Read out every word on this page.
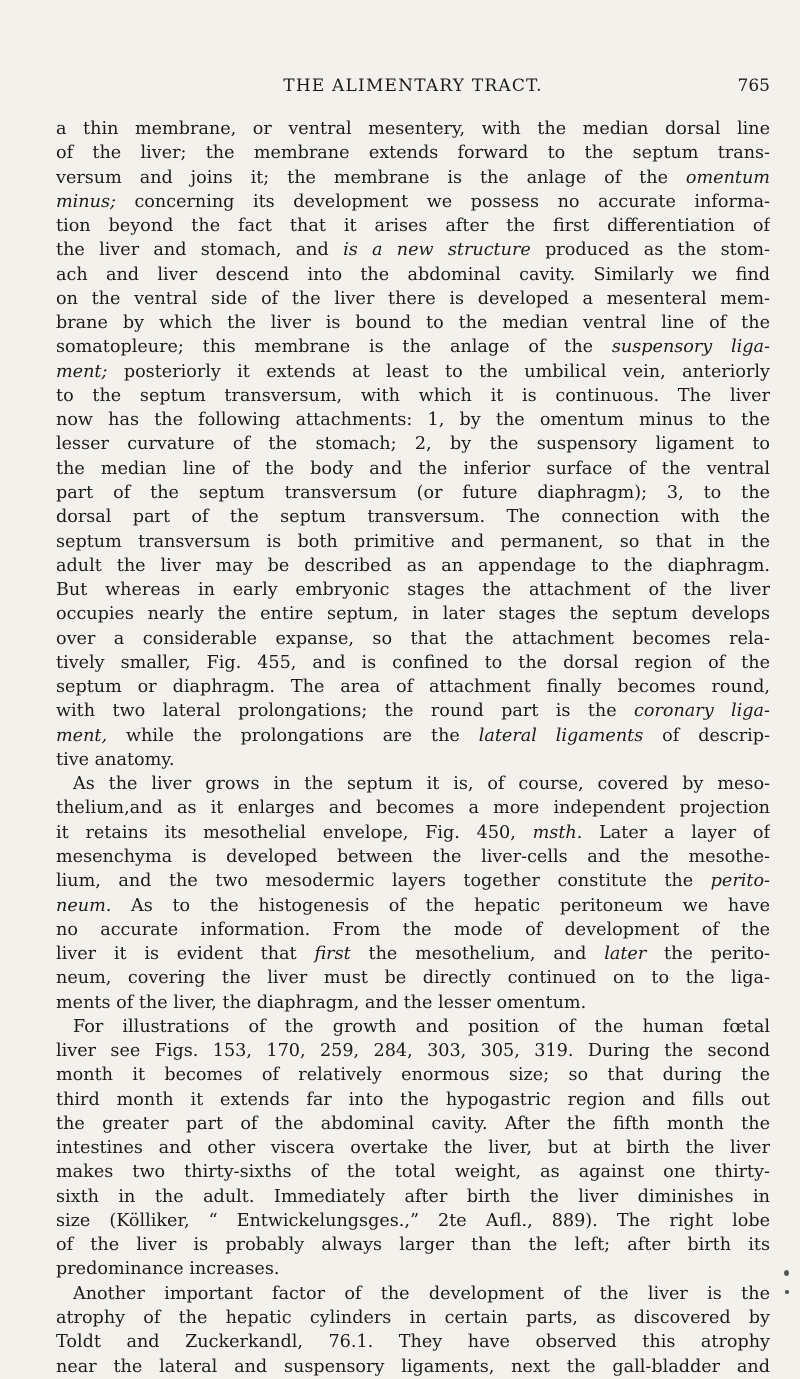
THE ALIMENTARY TRACT.	765
a thin membrane, or ventral mesentery, with the median dorsal line
of the liver; the membrane extends forward to the septum trans-
versum and joins it; the membrane is the anlage of the omentum
minus; concerning its development we possess no accurate informa-
tion beyond the fact that it arises after the first differentiation of
the liver and stomach, and is a new structure produced as the stom-
ach and liver descend into the abdominal cavity. Similarly we find
on the ventral side of the liver there is developed a mesenteral mem-
brane by which the liver is bound to the median ventral line of the
somatopleure; this membrane is the anlage of the suspensory liga-
ment; posteriorly it extends at least to the umbilical vein, anteriorly
to the septum transversum, with which it is continuous. The liver
now has the following attachments: 1, by the omentum minus to the
lesser curvature of the stomach; 2, by the suspensory ligament to
the median line of the body and the inferior surface of the ventral
part of the septum transversum (or future diaphragm); 3, to the
dorsal part of the septum transversum. The connection with the
septum transversum is both primitive and permanent, so that in the
adult the liver may be described as an appendage to the diaphragm.
But whereas in early embryonic stages the attachment of the liver
occupies nearly the entire septum, in later stages the septum develops
over a considerable expanse, so that the attachment becomes rela-
tively smaller, Fig. 455, and is confined to the dorsal region of the
septum or diaphragm. The area of attachment finally becomes round,
with two lateral prolongations; the round part is the coronary liga-
ment, while the prolongations are the lateral ligaments of descrip-
tive anatomy.
As the liver grows in the septum it is, of course, covered by meso-
thelium,and as it enlarges and becomes a more independent projection
it retains its mesothelial envelope, Fig. 450, msth. Later a layer of
mesenchyma is developed between the liver-cells and the mesothe-
lium, and the two mesodermic layers together constitute the perito-
neum. As to the histogenesis of the hepatic peritoneum we have
no accurate information. From the mode of development of the
liver it is evident that first the mesothelium, and later the perito-
neum, covering the liver must be directly continued on to the liga-
ments of the liver, the diaphragm, and the lesser omentum.
For illustrations of the growth and position of the human fœtal
liver see Figs. 153, 170, 259, 284, 303, 305, 319. During the second
month it becomes of relatively enormous size; so that during the
third month it extends far into the hypogastric region and fills out
the greater part of the abdominal cavity. After the fifth month the
intestines and other viscera overtake the liver, but at birth the liver
makes two thirty-sixths of the total weight, as against one thirty-
sixth in the adult. Immediately after birth the liver diminishes in
size (Kölliker, “ Entwickelungsges.,” 2te Aufl., 889). The right lobe
of the liver is probably always larger than the left; after birth its
predominance increases.
Another important factor of the development of the liver is the
atrophy of the hepatic cylinders in certain parts, as discovered by
Toldt and Zuckerkandl, 76.1. They have observed this atrophy
near the lateral and suspensory ligaments, next the gall-bladder and
